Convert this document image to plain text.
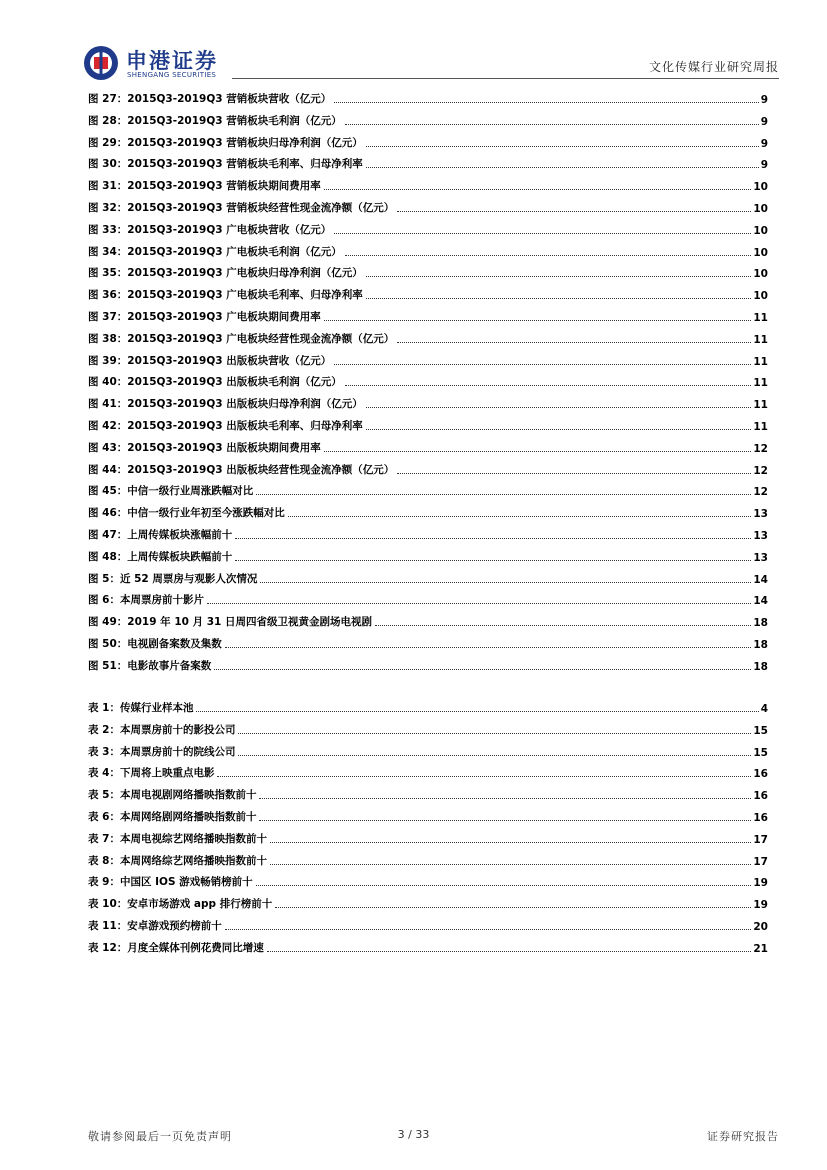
申港证券
SHENGANG SECURITIES
文化传媒行业研究周报
图 27： 2015Q3-2019Q3 营销板块营收（亿元）	9
图 28： 2015Q3-2019Q3 营销板块毛利润（亿元）	9
图 29： 2015Q3-2019Q3 营销板块归母净利润（亿元）	9
图 30： 2015Q3-2019Q3 营销板块毛利率、归母净利率	9
图 31： 2015Q3-2019Q3 营销板块期间费用率	10
图 32： 2015Q3-2019Q3 营销板块经营性现金流净额（亿元）	10
图 33： 2015Q3-2019Q3 广电板块营收（亿元）	10
图 34： 2015Q3-2019Q3 广电板块毛利润（亿元）	10
图 35： 2015Q3-2019Q3 广电板块归母净利润（亿元）	10
图 36： 2015Q3-2019Q3 广电板块毛利率、归母净利率	10
图 37： 2015Q3-2019Q3 广电板块期间费用率	11
图 38： 2015Q3-2019Q3 广电板块经营性现金流净额（亿元）	11
图 39： 2015Q3-2019Q3 出版板块营收（亿元）	11
图 40： 2015Q3-2019Q3 出版板块毛利润（亿元）	11
图 41： 2015Q3-2019Q3 出版板块归母净利润（亿元）	11
图 42： 2015Q3-2019Q3 出版板块毛利率、归母净利率	11
图 43： 2015Q3-2019Q3 出版板块期间费用率	12
图 44： 2015Q3-2019Q3 出版板块经营性现金流净额（亿元）	12
图 45： 中信一级行业周涨跌幅对比	12
图 46： 中信一级行业年初至今涨跌幅对比	13
图 47： 上周传媒板块涨幅前十	13
图 48： 上周传媒板块跌幅前十	13
图 5： 近 52 周票房与观影人次情况	14
图 6： 本周票房前十影片	14
图 49： 2019 年 10 月 31 日周四省级卫视黄金剧场电视剧	18
图 50： 电视剧备案数及集数	18
图 51： 电影故事片备案数	18
表 1： 传媒行业样本池	4
表 2： 本周票房前十的影投公司	15
表 3： 本周票房前十的院线公司	15
表 4： 下周将上映重点电影	16
表 5： 本周电视剧网络播映指数前十	16
表 6： 本周网络剧网络播映指数前十	16
表 7： 本周电视综艺网络播映指数前十	17
表 8： 本周网络综艺网络播映指数前十	17
表 9： 中国区 IOS 游戏畅销榜前十	19
表 10： 安卓市场游戏 app 排行榜前十	19
表 11： 安卓游戏预约榜前十	20
表 12： 月度全媒体刊例花费同比增速	21
敬请参阅最后一页免责声明	3 / 33	证券研究报告
